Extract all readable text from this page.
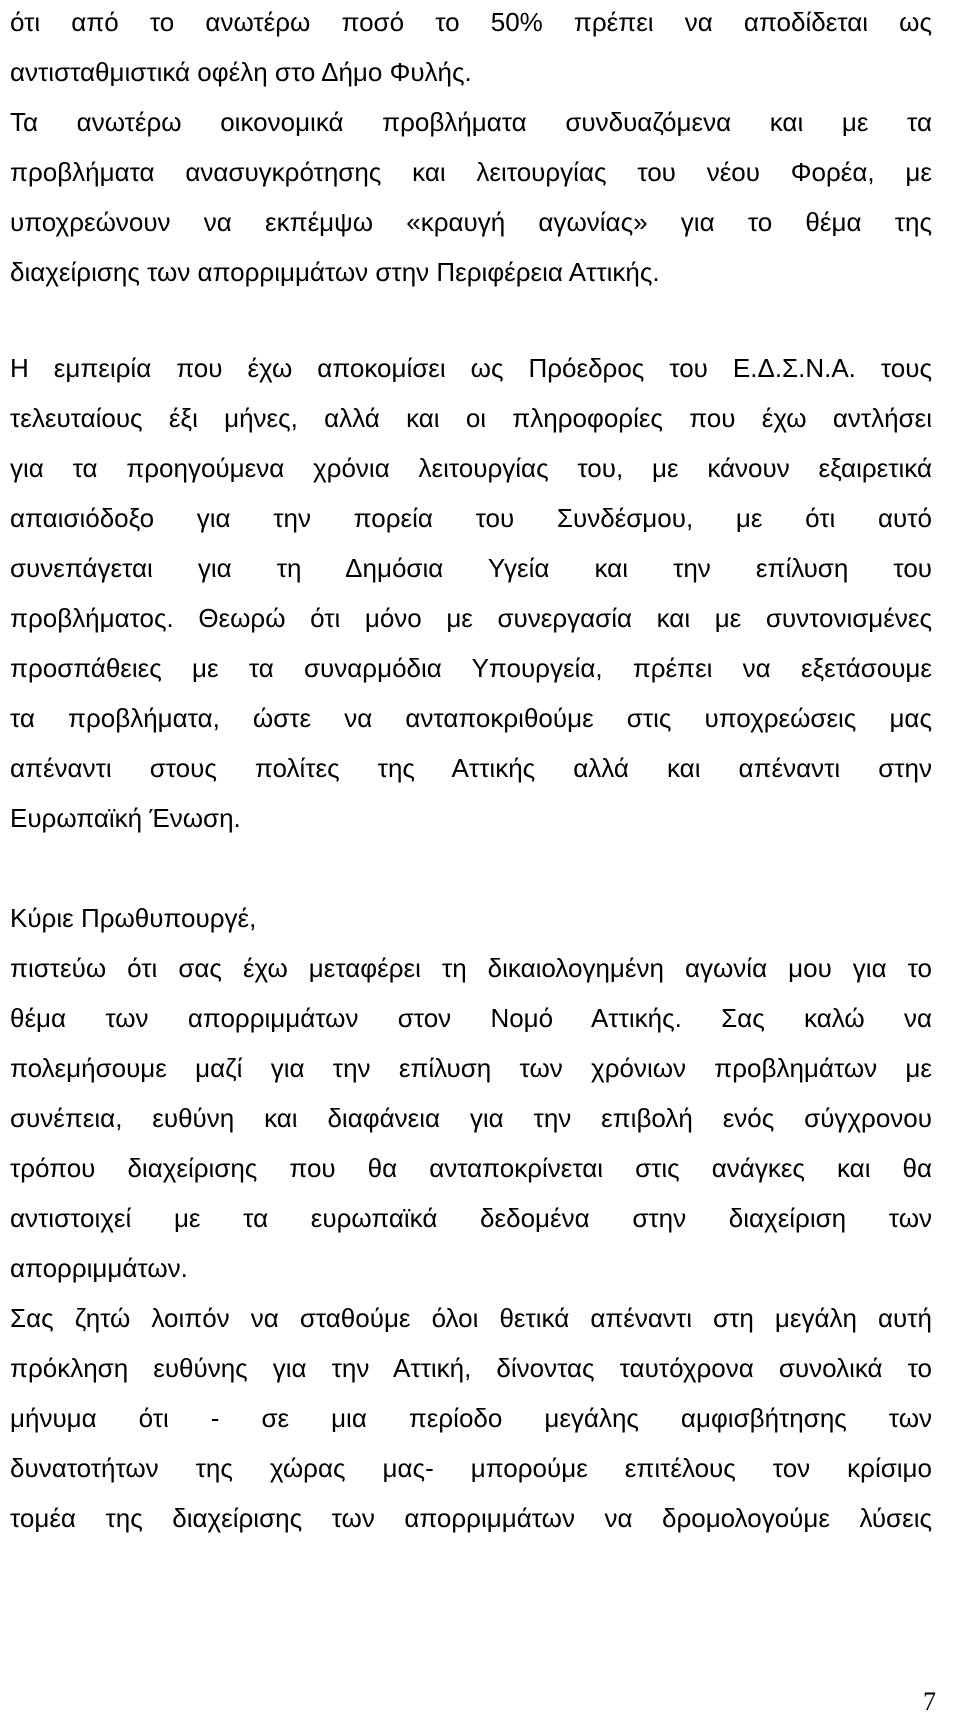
ότι από το ανωτέρω ποσό το 50% πρέπει να αποδίδεται ως
αντισταθμιστικά οφέλη στο Δήμο Φυλής.

Τα ανωτέρω οικονομικά προβλήματα συνδυαζόμενα και με τα
προβλήματα ανασυγκρότησης και λειτουργίας του νέου Φορέα, με
υποχρεώνουν να εκπέμψω «κραυγή αγωνίας» για το θέμα της
διαχείρισης των απορριμμάτων στην Περιφέρεια Αττικής.

Η εμπειρία που έχω αποκομίσει ως Πρόεδρος του Ε.Δ.Σ.Ν.Α. τους
τελευταίους έξι μήνες, αλλά και οι πληροφορίες που έχω αντλήσει
για τα προηγούμενα χρόνια λειτουργίας του, με κάνουν εξαιρετικά
απαισιόδοξο για την πορεία του Συνδέσμου, με ότι αυτό
συνεπάγεται για τη Δημόσια Υγεία και την επίλυση του
προβλήματος. Θεωρώ ότι μόνο με συνεργασία και με συντονισμένες
προσπάθειες με τα συναρμόδια Υπουργεία, πρέπει να εξετάσουμε
τα προβλήματα, ώστε να ανταποκριθούμε στις υποχρεώσεις μας
απέναντι στους πολίτες της Αττικής αλλά και απέναντι στην
Ευρωπαϊκή Ένωση.

Κύριε Πρωθυπουργέ,
πιστεύω ότι σας έχω μεταφέρει τη δικαιολογημένη αγωνία μου για το
θέμα των απορριμμάτων στον Νομό Αττικής. Σας καλώ να
πολεμήσουμε μαζί για την επίλυση των χρόνιων προβλημάτων με
συνέπεια, ευθύνη και διαφάνεια για την επιβολή ενός σύγχρονου
τρόπου διαχείρισης που θα ανταποκρίνεται στις ανάγκες και θα
αντιστοιχεί με τα ευρωπαϊκά δεδομένα στην διαχείριση των
απορριμμάτων.
Σας ζητώ λοιπόν να σταθούμε όλοι θετικά απέναντι στη μεγάλη αυτή
πρόκληση ευθύνης για την Αττική, δίνοντας ταυτόχρονα συνολικά το
μήνυμα ότι - σε μια περίοδο μεγάλης αμφισβήτησης των
δυνατοτήτων της χώρας μας- μπορούμε επιτέλους τον κρίσιμο
τομέα της διαχείρισης των απορριμμάτων να δρομολογούμε λύσεις

7
